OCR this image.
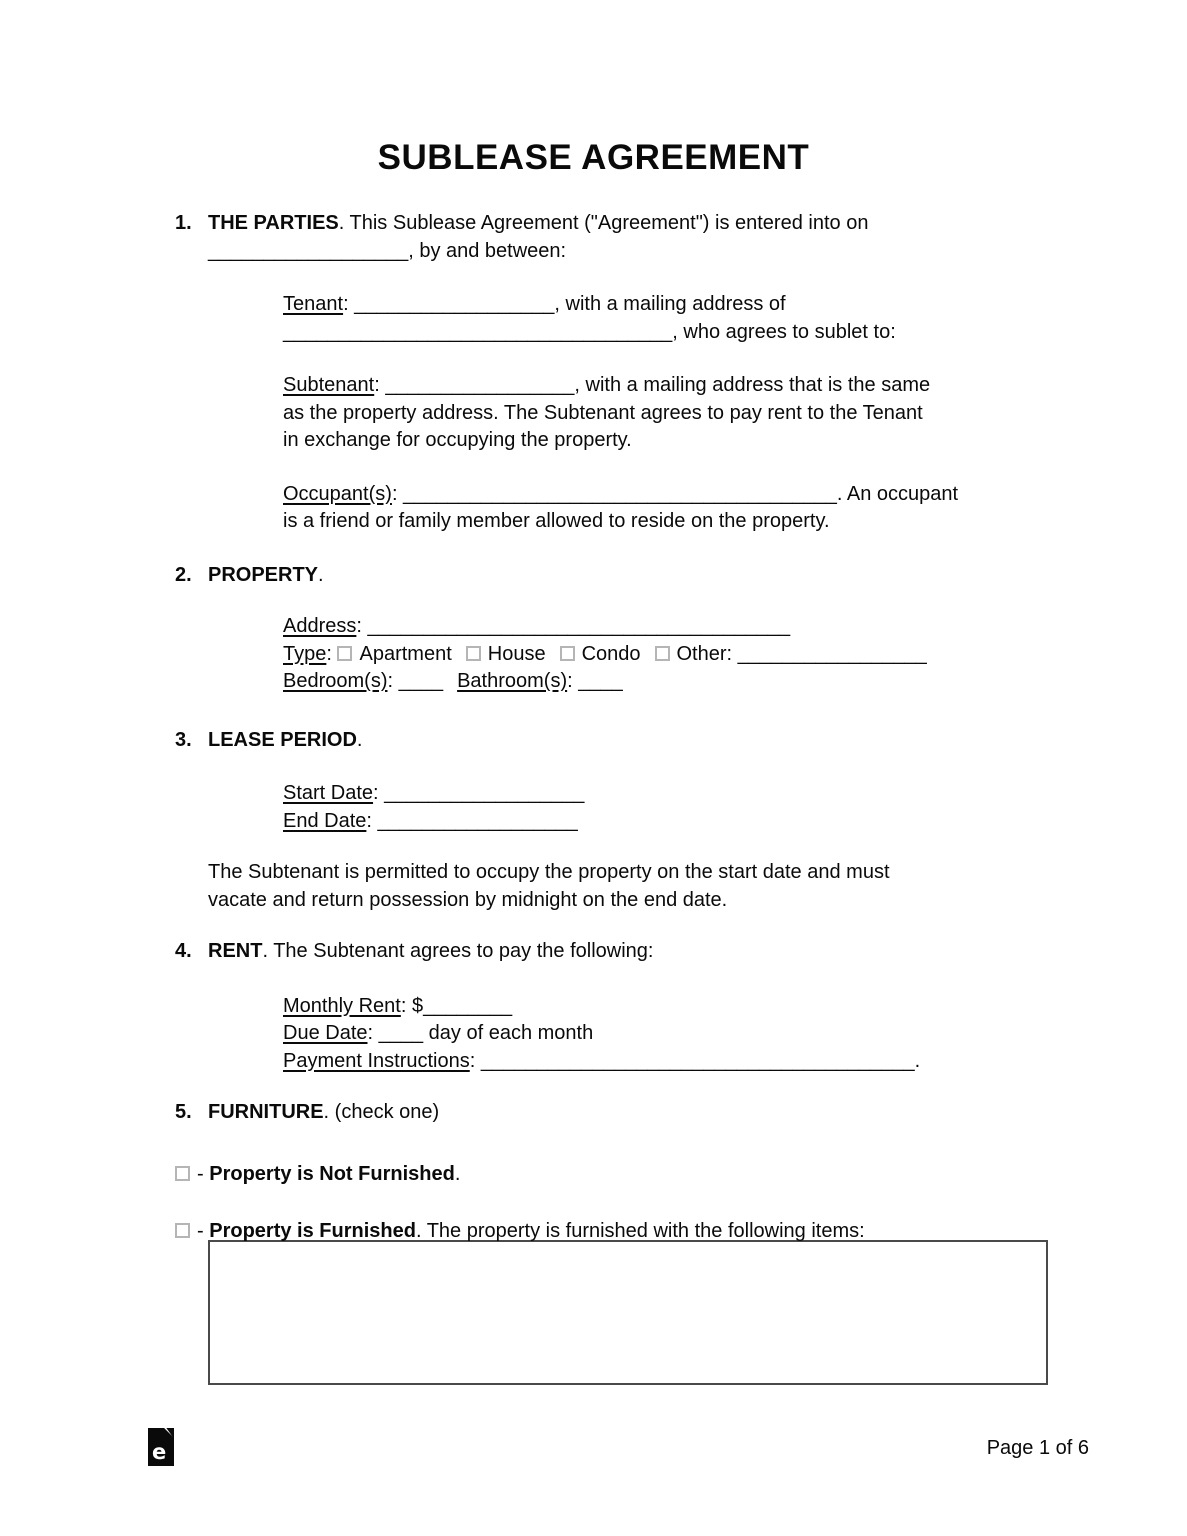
SUBLEASE AGREEMENT
1. THE PARTIES. This Sublease Agreement ("Agreement") is entered into on
__________________, by and between:
Tenant: __________________, with a mailing address of
___________________________________, who agrees to sublet to:
Subtenant: _________________, with a mailing address that is the same
as the property address. The Subtenant agrees to pay rent to the Tenant
in exchange for occupying the property.
Occupant(s): _______________________________________. An occupant
is a friend or family member allowed to reside on the property.
2. PROPERTY.
Address: ______________________________________
Type: Apartment House Condo Other: _________________
Bedroom(s): ____ Bathroom(s): ____
3. LEASE PERIOD.
Start Date: __________________
End Date: __________________
The Subtenant is permitted to occupy the property on the start date and must
vacate and return possession by midnight on the end date.
4. RENT. The Subtenant agrees to pay the following:
Monthly Rent: $________
Due Date: ____ day of each month
Payment Instructions: _______________________________________.
5. FURNITURE. (check one)
- Property is Not Furnished.
- Property is Furnished. The property is furnished with the following items:
e	Page 1 of 6
